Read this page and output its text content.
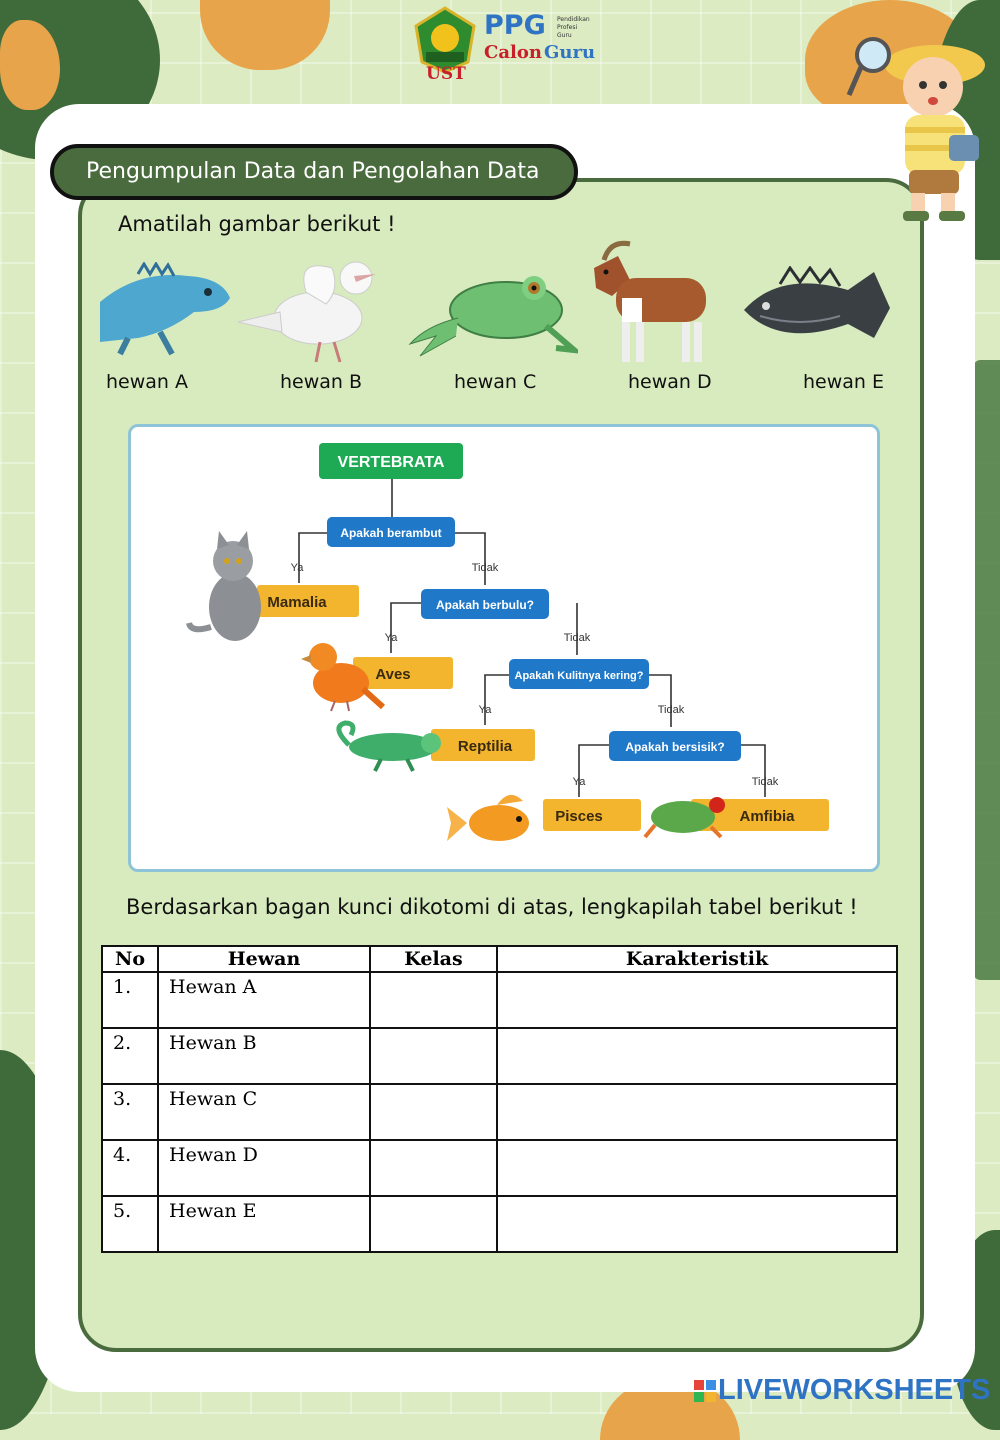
UST
PPG Pendidikan
Profesi
Guru
Calon Guru
Pengumpulan Data dan Pengolahan Data
Amatilah gambar berikut !
hewan A	hewan B	hewan C	hewan D	hewan E
VERTEBRATA
Apakah berambut
Ya	Tidak
Mamalia	Apakah berbulu?
Ya	Tidak
Aves	Apakah Kulitnya kering?
Ya	Tidak
Reptilia	Apakah bersisik?
Ya	Tidak
Pisces	Amfibia
Berdasarkan bagan kunci dikotomi di atas, lengkapilah tabel berikut !
No	Hewan	Kelas	Karakteristik
1.	Hewan A		
2.	Hewan B		
3.	Hewan C		
4.	Hewan D		
5.	Hewan E		
LIVEWORKSHEETS
